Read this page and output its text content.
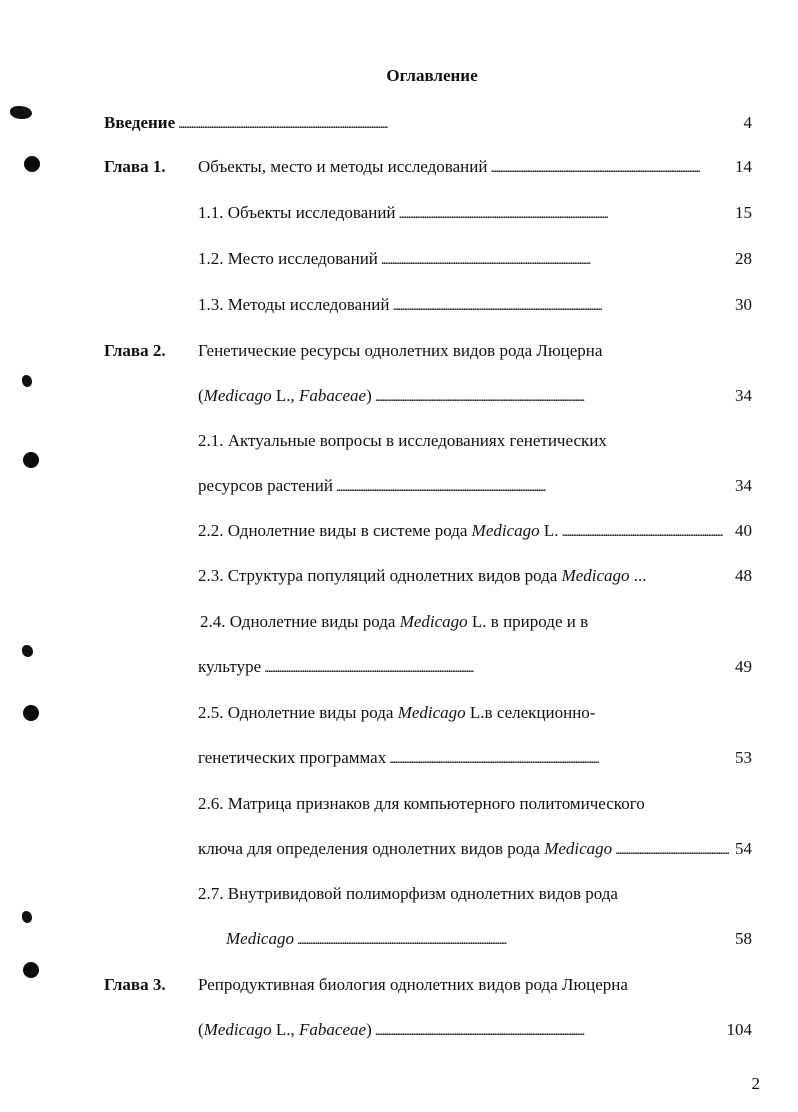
Оглавление
Введение . . .	4
Глава 1. Объекты, место и методы исследований . . .	14
1.1. Объекты исследований . . .	15
1.2. Место исследований . . .	28
1.3. Методы исследований . . .	30
Глава 2. Генетические ресурсы однолетних видов рода Люцерна
(Medicago L., Fabaceae) . . .	34
2.1. Актуальные вопросы в исследованиях генетических
ресурсов растений . . .	34
2.2. Однолетние виды в системе рода Medicago L. . . .	40
2.3. Структура популяций однолетних видов рода Medicago ...	48
2.4. Однолетние виды рода Medicago L. в природе и в
культуре . . .	49
2.5. Однолетние виды рода Medicago L.в селекционно-
генетических программах . . .	53
2.6. Матрица признаков для компьютерного политомического
ключа для определения однолетних видов рода Medicago . . .	54
2.7. Внутривидовой полиморфизм однолетних видов рода
Medicago . . .	58
Глава 3. Репродуктивная биология однолетних видов рода Люцерна
(Medicago L., Fabaceae) . . .	104
2
